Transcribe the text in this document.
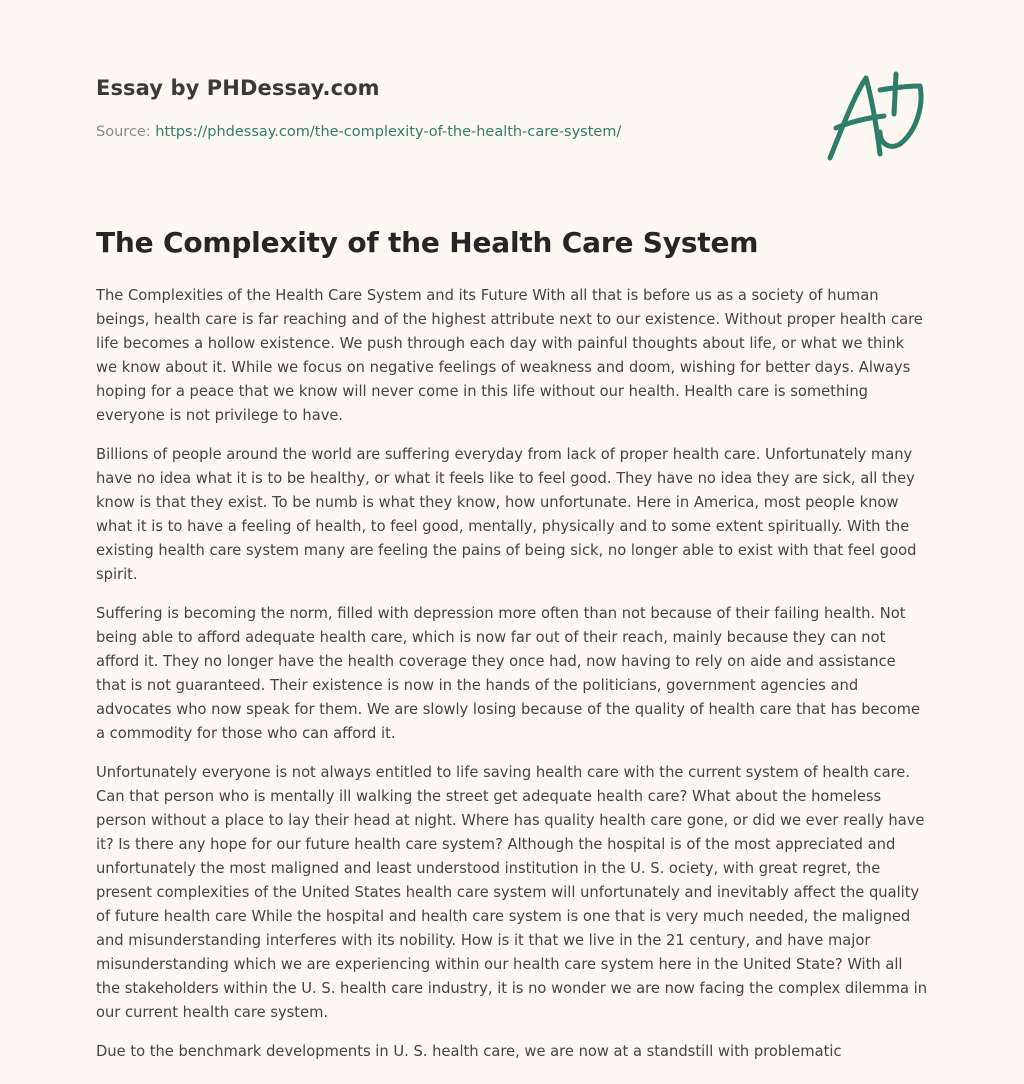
Essay by PHDessay.com
Source: https://phdessay.com/the-complexity-of-the-health-care-system/
The Complexity of the Health Care System

The Complexities of the Health Care System and its Future With all that is before us as a society of human beings, health care is far reaching and of the highest attribute next to our existence. Without proper health care life becomes a hollow existence. We push through each day with painful thoughts about life, or what we think we know about it. While we focus on negative feelings of weakness and doom, wishing for better days. Always hoping for a peace that we know will never come in this life without our health. Health care is something everyone is not privilege to have.

Billions of people around the world are suffering everyday from lack of proper health care. Unfortunately many have no idea what it is to be healthy, or what it feels like to feel good. They have no idea they are sick, all they know is that they exist. To be numb is what they know, how unfortunate. Here in America, most people know what it is to have a feeling of health, to feel good, mentally, physically and to some extent spiritually. With the existing health care system many are feeling the pains of being sick, no longer able to exist with that feel good spirit.

Suffering is becoming the norm, filled with depression more often than not because of their failing health. Not being able to afford adequate health care, which is now far out of their reach, mainly because they can not afford it. They no longer have the health coverage they once had, now having to rely on aide and assistance that is not guaranteed. Their existence is now in the hands of the politicians, government agencies and advocates who now speak for them. We are slowly losing because of the quality of health care that has become a commodity for those who can afford it.

Unfortunately everyone is not always entitled to life saving health care with the current system of health care. Can that person who is mentally ill walking the street get adequate health care? What about the homeless person without a place to lay their head at night. Where has quality health care gone, or did we ever really have it? Is there any hope for our future health care system? Although the hospital is of the most appreciated and unfortunately the most maligned and least understood institution in the U. S. ociety, with great regret, the present complexities of the United States health care system will unfortunately and inevitably affect the quality of future health care While the hospital and health care system is one that is very much needed, the maligned and misunderstanding interferes with its nobility. How is it that we live in the 21 century, and have major misunderstanding which we are experiencing within our health care system here in the United State? With all the stakeholders within the U. S. health care industry, it is no wonder we are now facing the complex dilemma in our current health care system.

Due to the benchmark developments in U. S. health care, we are now at a standstill with problematic
